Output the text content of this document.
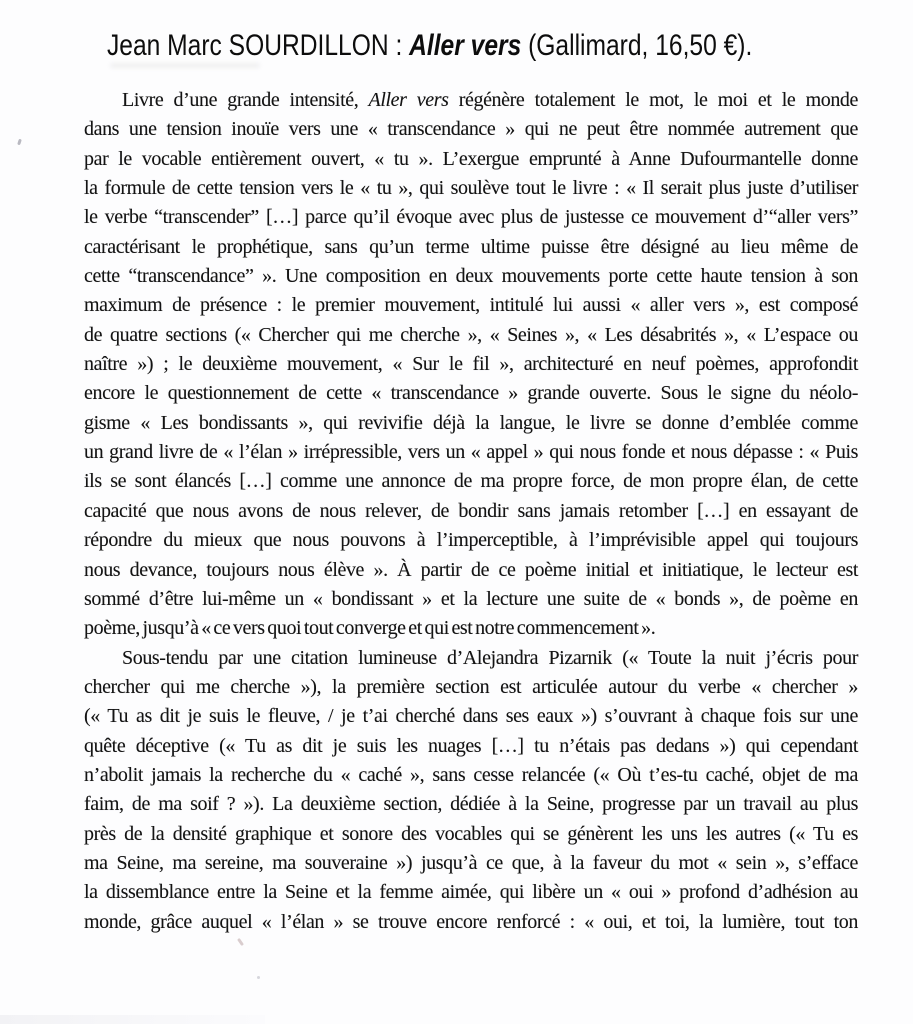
Jean Marc SOURDILLON : Aller vers (Gallimard, 16,50 €).
Livre d’une grande intensité, Aller vers régénère totalement le mot, le moi et le monde
dans une tension inouïe vers une « transcendance » qui ne peut être nommée autrement que
par le vocable entièrement ouvert, « tu ». L’exergue emprunté à Anne Dufourmantelle donne
la formule de cette tension vers le « tu », qui soulève tout le livre : « Il serait plus juste d’utiliser
le verbe “transcender” […] parce qu’il évoque avec plus de justesse ce mouvement d’“aller vers”
caractérisant le prophétique, sans qu’un terme ultime puisse être désigné au lieu même de
cette “transcendance” ». Une composition en deux mouvements porte cette haute tension à son
maximum de présence : le premier mouvement, intitulé lui aussi « aller vers », est composé
de quatre sections (« Chercher qui me cherche », « Seines », « Les désabrités », « L’espace ou
naître ») ; le deuxième mouvement, « Sur le fil », architecturé en neuf poèmes, approfondit
encore le questionnement de cette « transcendance » grande ouverte. Sous le signe du néolo-
gisme « Les bondissants », qui revivifie déjà la langue, le livre se donne d’emblée comme
un grand livre de « l’élan » irrépressible, vers un « appel » qui nous fonde et nous dépasse : « Puis
ils se sont élancés […] comme une annonce de ma propre force, de mon propre élan, de cette
capacité que nous avons de nous relever, de bondir sans jamais retomber […] en essayant de
répondre du mieux que nous pouvons à l’imperceptible, à l’imprévisible appel qui toujours
nous devance, toujours nous élève ». À partir de ce poème initial et initiatique, le lecteur est
sommé d’être lui-même un « bondissant » et la lecture une suite de « bonds », de poème en
poème, jusqu’à « ce vers quoi tout converge et qui est notre commencement ».
Sous-tendu par une citation lumineuse d’Alejandra Pizarnik (« Toute la nuit j’écris pour
chercher qui me cherche »), la première section est articulée autour du verbe « chercher »
(« Tu as dit je suis le fleuve, / je t’ai cherché dans ses eaux ») s’ouvrant à chaque fois sur une
quête déceptive (« Tu as dit je suis les nuages […] tu n’étais pas dedans ») qui cependant
n’abolit jamais la recherche du « caché », sans cesse relancée (« Où t’es-tu caché, objet de ma
faim, de ma soif ? »). La deuxième section, dédiée à la Seine, progresse par un travail au plus
près de la densité graphique et sonore des vocables qui se génèrent les uns les autres (« Tu es
ma Seine, ma sereine, ma souveraine ») jusqu’à ce que, à la faveur du mot « sein », s’efface
la dissemblance entre la Seine et la femme aimée, qui libère un « oui » profond d’adhésion au
monde, grâce auquel « l’élan » se trouve encore renforcé : « oui, et toi, la lumière, tout ton
